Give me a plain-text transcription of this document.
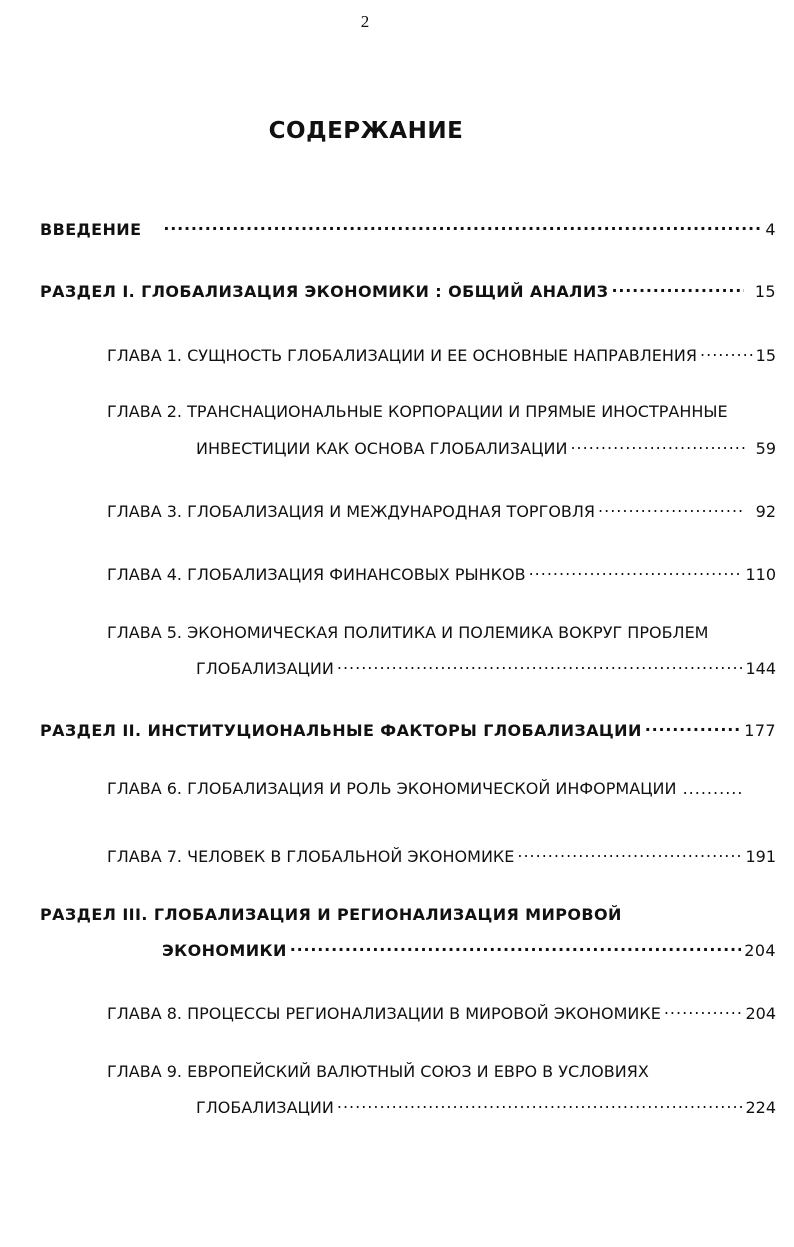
2
СОДЕРЖАНИЕ
ВВЕДЕНИЕ .....	4
РАЗДЕЛ I. ГЛОБАЛИЗАЦИЯ ЭКОНОМИКИ : ОБЩИЙ АНАЛИЗ .....	15
ГЛАВА 1. СУЩНОСТЬ ГЛОБАЛИЗАЦИИ И ЕЕ ОСНОВНЫЕ НАПРАВЛЕНИЯ .....	15
ГЛАВА 2. ТРАНСНАЦИОНАЛЬНЫЕ КОРПОРАЦИИ И ПРЯМЫЕ ИНОСТРАННЫЕ
ИНВЕСТИЦИИ КАК ОСНОВА ГЛОБАЛИЗАЦИИ .....	59
ГЛАВА 3. ГЛОБАЛИЗАЦИЯ И МЕЖДУНАРОДНАЯ ТОРГОВЛЯ .....	92
ГЛАВА 4. ГЛОБАЛИЗАЦИЯ ФИНАНСОВЫХ РЫНКОВ .....	110
ГЛАВА 5. ЭКОНОМИЧЕСКАЯ ПОЛИТИКА И ПОЛЕМИКА ВОКРУГ ПРОБЛЕМ
ГЛОБАЛИЗАЦИИ .....	144
РАЗДЕЛ II. ИНСТИТУЦИОНАЛЬНЫЕ ФАКТОРЫ ГЛОБАЛИЗАЦИИ .....	177
ГЛАВА 6. ГЛОБАЛИЗАЦИЯ И РОЛЬ ЭКОНОМИЧЕСКОЙ ИНФОРМАЦИИ ..........
ГЛАВА 7. ЧЕЛОВЕК В ГЛОБАЛЬНОЙ ЭКОНОМИКЕ .....	191
РАЗДЕЛ III. ГЛОБАЛИЗАЦИЯ И РЕГИОНАЛИЗАЦИЯ МИРОВОЙ
ЭКОНОМИКИ .....	204
ГЛАВА 8. ПРОЦЕССЫ РЕГИОНАЛИЗАЦИИ В МИРОВОЙ ЭКОНОМИКЕ .....	204
ГЛАВА 9. ЕВРОПЕЙСКИЙ ВАЛЮТНЫЙ СОЮЗ И ЕВРО В УСЛОВИЯХ
ГЛОБАЛИЗАЦИИ .....	224
